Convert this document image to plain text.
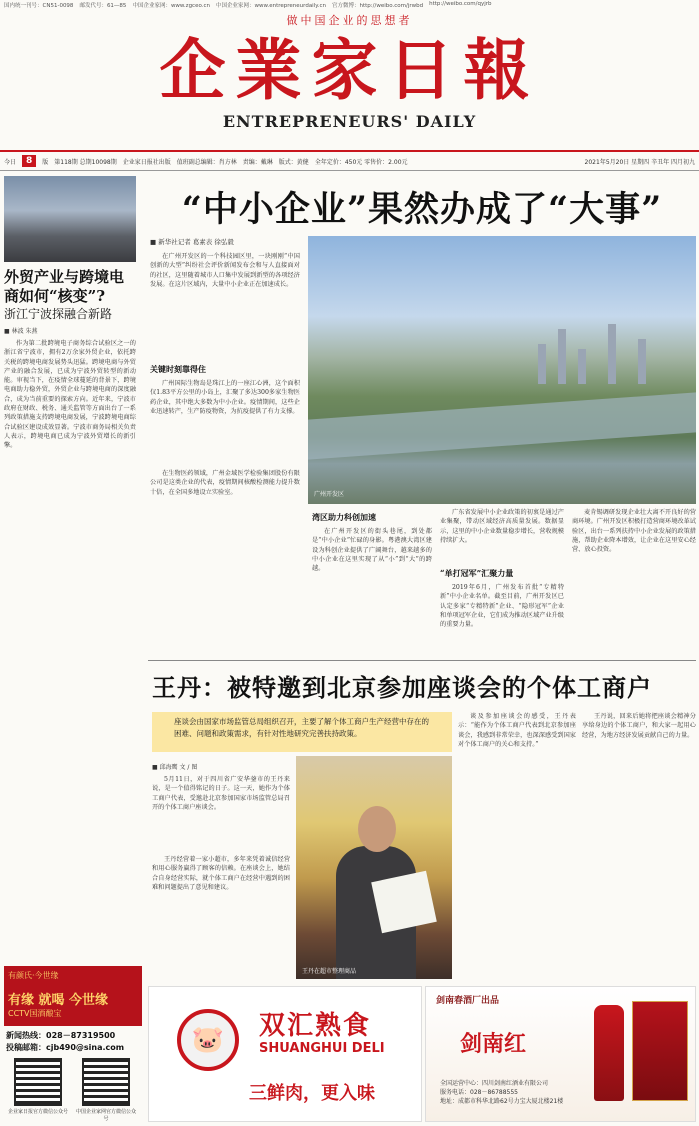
国内统一刊号：CN51-0098 邮发代号：61—85 中国企业家网：www.zgceo.cn 中国企业家网：www.entrepreneurdaily.cn 官方微博：http://weibo.com/jrwbd http://weibo.com/qyjrb
做中国企业的思想者
企業家日報
ENTREPRENEURS' DAILY
今日	8	版 第118期 总期10098期 企业家日报社出版 值班副总编辑：肖方林 责编：戴琳 版式：黄健 全年定价：450元 零售价：2.00元	2021年5月20日 星期四 辛丑年 四月初九
外贸产业与跨境电商如何“核变”?
浙江宁波探融合新路
■ 林波 朱燕

作为第二批跨境电子商务综合试验区之一的浙江省宁波市，拥有2万余家外贸企业，依托跨关税的跨境电商发展势头迅猛。跨境电商与外贸产业的融合发展，已成为宁波外贸转型的新动能。审视当下，在疫情全球蔓延的背景下，跨境电商助力稳外贸，外贸企业与跨境电商的深度融合，成为当前重要的探索方向。近年来，宁波市政府在财政、税务、通关监管等方面出台了一系列政策措施支持跨境电商发展，宁波跨境电商综合试验区建设成效显著。宁波市商务局相关负责人表示，跨境电商已成为宁波外贸增长的新引擎。

“中小企业”果然办成了“大事”
■ 新华社记者 葛素表 徐弘毅
广州开发区

在广州开发区的一个科技园区里，一块刚刚“中国创新的大型”纠纷社会评价新闻发布会和与人直接面对的社区，这里随着城市人口集中发展到新型的各项经济发展。在这片区域内，大量中小企业正在加速成长。

关键时刻靠得住

广州国际生物岛是珠江上的一座江心洲，这个面积仅1.83平方公里的小岛上，汇聚了多达300多家生物医药企业，其中绝大多数为中小企业。疫情期间，这些企业迅速转产，生产防疫物资，为抗疫提供了有力支撑。

在生物医药领域，广州金域医学检验集团股份有限公司是这类企业的代表，疫情期间核酸检测能力提升数十倍，在全国多地设立实验室。

湾区助力科创加速

在广州开发区的街头巷尾，到处都是“中小企业”忙碌的身影。粤港澳大湾区建设为科创企业提供了广阔舞台，越来越多的中小企业在这里实现了从“小”到“大”的跨越。

广东省发展中小企业政策的初衷是通过产业集聚，带动区域经济高质量发展。数据显示，这里的中小企业数量稳步增长，营收规模持续扩大。

“单打冠军”汇聚力量

2019年6月，广州发布首批“专精特新”中小企业名单。截至目前，广州开发区已认定多家“专精特新”企业、“隐形冠军”企业和单项冠军企业，它们成为推动区域产业升级的重要力量。

麦肯锡调研发现企业壮大离不开良好的营商环境。广州开发区积极打造营商环境改革试验区，出台一系列扶持中小企业发展的政策措施，帮助企业降本增效，让企业在这里安心经营、放心投资。

王丹：被特邀到北京参加座谈会的个体工商户
座谈会由国家市场监管总局组织召开，主要了解个体工商户生产经营中存在的困难、问题和政策需求，有针对性地研究完善扶持政策。
■ 邱海鹰 文 / 图

5月11日，对于四川省广安华蓥市的王丹来说，是一个值得铭记的日子。这一天，她作为个体工商户代表，受邀赴北京参加国家市场监管总局召开的个体工商户座谈会。

王丹经营着一家小超市，多年来凭着诚信经营和用心服务赢得了顾客的信赖。在座谈会上，她结合自身经营实际，就个体工商户在经营中遇到的困难和问题提出了意见和建议。

王丹在超市整理商品

谈及参加座谈会的感受，王丹表示：“能作为个体工商户代表到北京参加座谈会，我感到非常荣幸，也深深感受到国家对个体工商户的关心和支持。”

王丹说，回来后她将把座谈会精神分享给身边的个体工商户，和大家一起用心经营，为地方经济发展贡献自己的力量。

有颜氏·今世缘
有缘 就喝 今世缘
CCTV国酒酿宝
新闻热线：028－87319500
投稿邮箱：cjb490@sina.com
企业家日报官方微信公众号 中国企业家网官方微信公众号
🐷	双汇熟食
SHUANGHUI DELI
三鲜肉，更入味
剑南春酒厂出品
剑南红
全国运营中心：四川剑南红酒业有限公司
服务电话：028－86788555
地址：成都市科华北路62号力宝大厦北楼21楼
